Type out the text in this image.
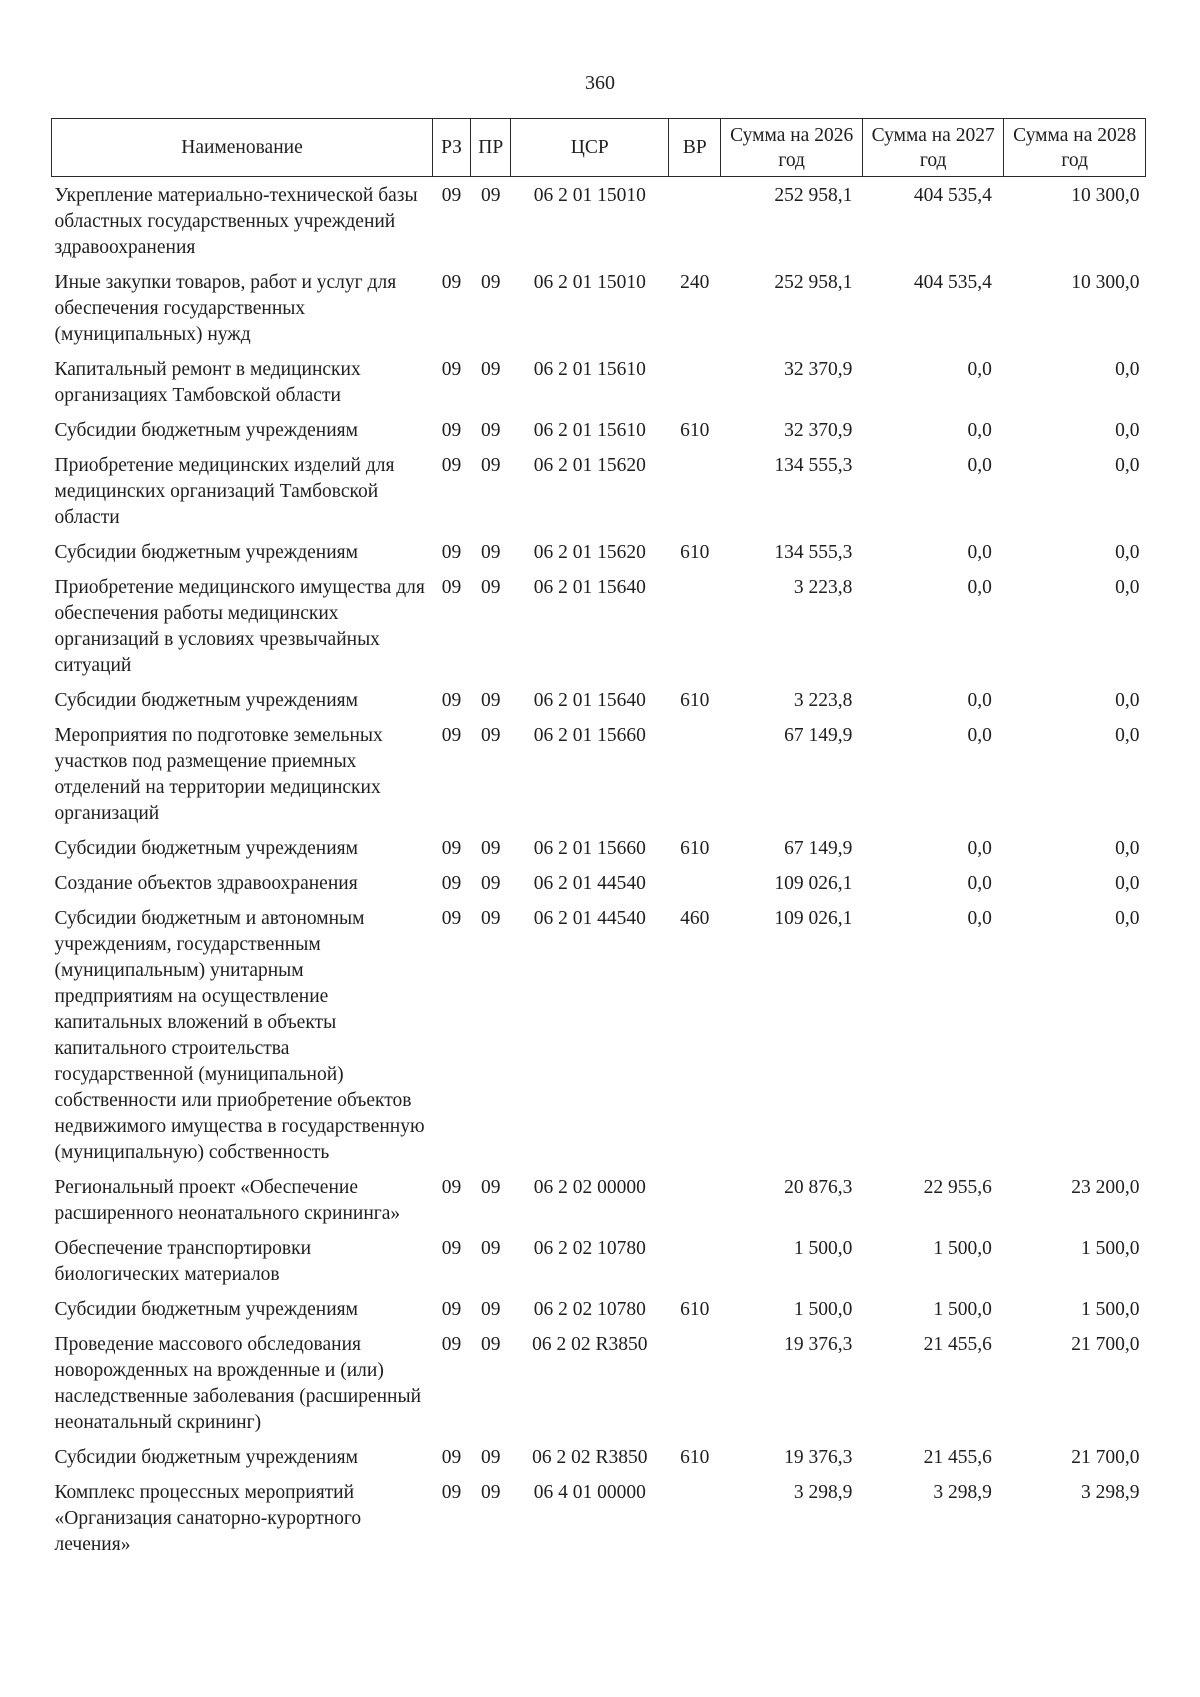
360
Наименование	РЗ	ПР	ЦСР	ВР	Сумма на 2026 год	Сумма на 2027 год	Сумма на 2028 год
Укрепление материально-технической базы областных государственных учреждений здравоохранения	09	09	06 2 01 15010		252 958,1	404 535,4	10 300,0
Иные закупки товаров, работ и услуг для обеспечения государственных (муниципальных) нужд	09	09	06 2 01 15010	240	252 958,1	404 535,4	10 300,0
Капитальный ремонт в медицинских организациях Тамбовской области	09	09	06 2 01 15610		32 370,9	0,0	0,0
Субсидии бюджетным учреждениям	09	09	06 2 01 15610	610	32 370,9	0,0	0,0
Приобретение медицинских изделий для медицинских организаций Тамбовской области	09	09	06 2 01 15620		134 555,3	0,0	0,0
Субсидии бюджетным учреждениям	09	09	06 2 01 15620	610	134 555,3	0,0	0,0
Приобретение медицинского имущества для обеспечения работы медицинских организаций в условиях чрезвычайных ситуаций	09	09	06 2 01 15640		3 223,8	0,0	0,0
Субсидии бюджетным учреждениям	09	09	06 2 01 15640	610	3 223,8	0,0	0,0
Мероприятия по подготовке земельных участков под размещение приемных отделений на территории медицинских организаций	09	09	06 2 01 15660		67 149,9	0,0	0,0
Субсидии бюджетным учреждениям	09	09	06 2 01 15660	610	67 149,9	0,0	0,0
Создание объектов здравоохранения	09	09	06 2 01 44540		109 026,1	0,0	0,0
Субсидии бюджетным и автономным учреждениям, государственным (муниципальным) унитарным предприятиям на осуществление капитальных вложений в объекты капитального строительства государственной (муниципальной) собственности или приобретение объектов недвижимого имущества в государственную (муниципальную) собственность	09	09	06 2 01 44540	460	109 026,1	0,0	0,0
Региональный проект «Обеспечение расширенного неонатального скрининга»	09	09	06 2 02 00000		20 876,3	22 955,6	23 200,0
Обеспечение транспортировки биологических материалов	09	09	06 2 02 10780		1 500,0	1 500,0	1 500,0
Субсидии бюджетным учреждениям	09	09	06 2 02 10780	610	1 500,0	1 500,0	1 500,0
Проведение массового обследования новорожденных на врожденные и (или) наследственные заболевания (расширенный неонатальный скрининг)	09	09	06 2 02 R3850		19 376,3	21 455,6	21 700,0
Субсидии бюджетным учреждениям	09	09	06 2 02 R3850	610	19 376,3	21 455,6	21 700,0
Комплекс процессных мероприятий «Организация санаторно-курортного лечения»	09	09	06 4 01 00000		3 298,9	3 298,9	3 298,9
